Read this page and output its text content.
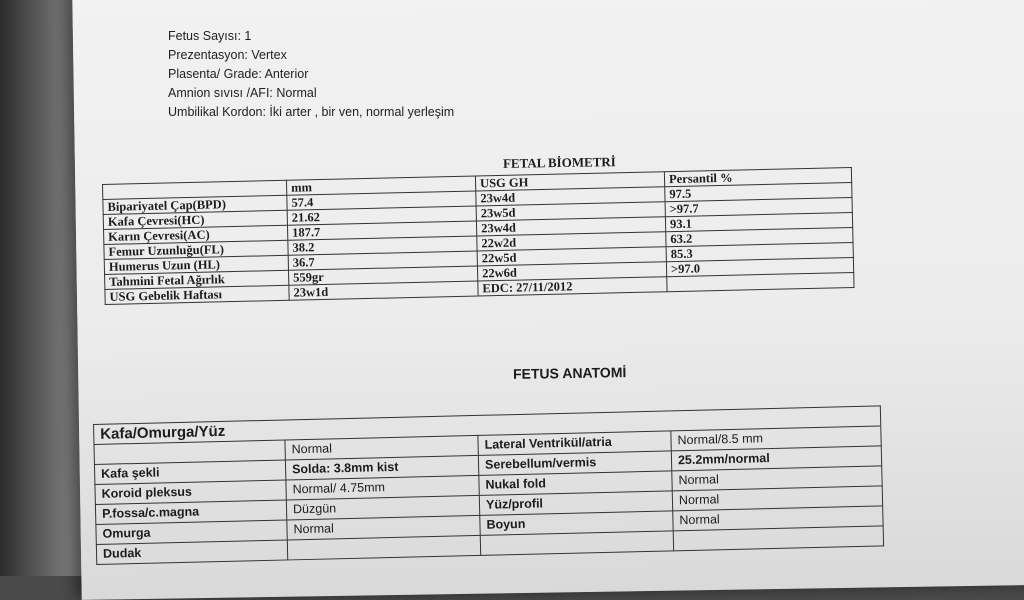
Fetus Sayısı: 1
Prezentasyon: Vertex
Plasenta/ Grade: Anterior
Amnion sıvısı /AFI: Normal
Umbilikal Kordon: İki arter , bir ven, normal yerleşim
FETAL BİOMETRİ
	mm	USG GH	Persantil %
Bipariyatel Çap(BPD)	57.4	23w4d	97.5
Kafa Çevresi(HC)	21.62	23w5d	>97.7
Karın Çevresi(AC)	187.7	23w4d	93.1
Femur Uzunluğu(FL)	38.2	22w2d	63.2
Humerus Uzun (HL)	36.7	22w5d	85.3
Tahmini Fetal Ağırlık	559gr	22w6d	>97.0
USG Gebelik Haftası	23w1d	EDC: 27/11/2012	
FETUS ANATOMİ
Kafa/Omurga/Yüz			
	Normal	Lateral Ventrikül/atria	Normal/8.5 mm
Kafa şekli	Solda: 3.8mm kist	Serebellum/vermis	25.2mm/normal
Koroid pleksus	Normal/ 4.75mm	Nukal fold	Normal
P.fossa/c.magna	Düzgün	Yüz/profil	Normal
Omurga	Normal	Boyun	Normal
Dudak			
